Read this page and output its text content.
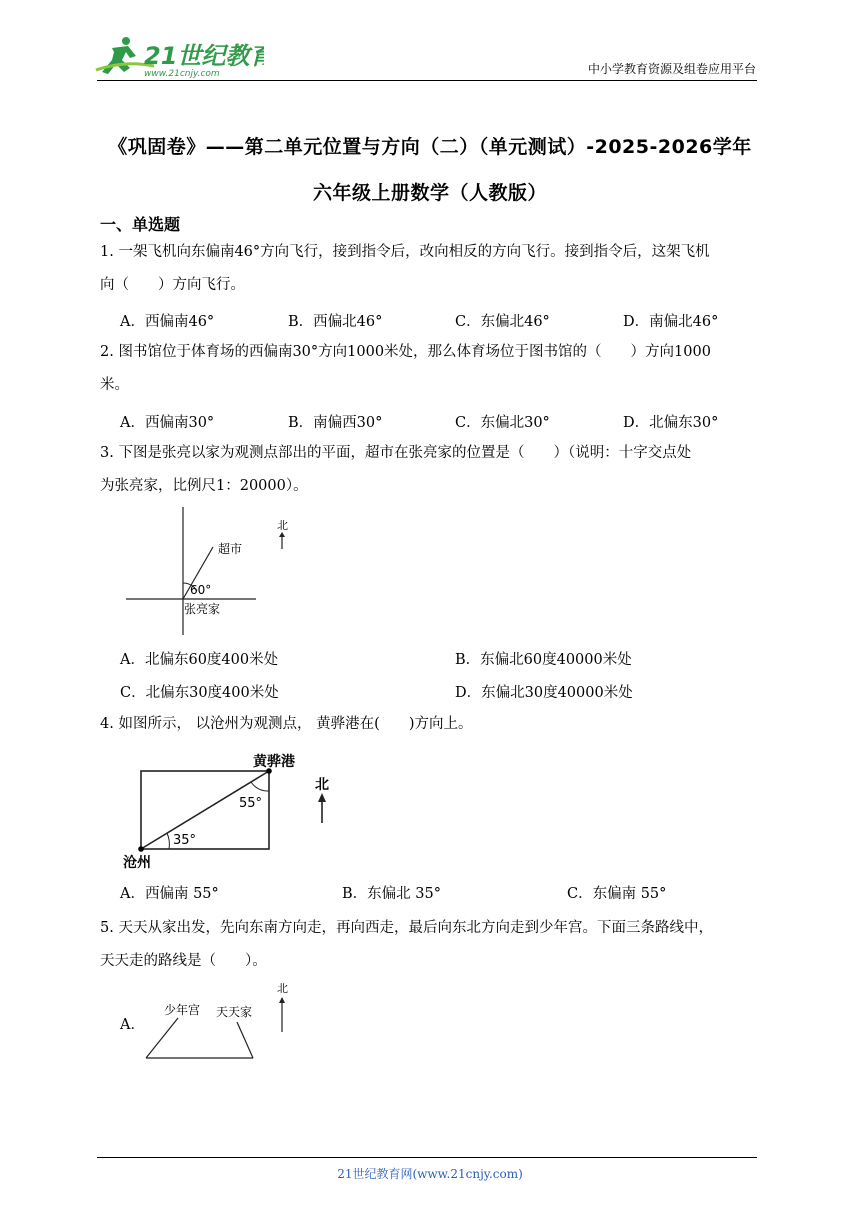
21世纪教育
www.21cnjy.com	中小学教育资源及组卷应用平台
《巩固卷》——第二单元位置与方向（二）（单元测试）-2025-2026学年
六年级上册数学（人教版）
一、单选题
1. 一架飞机向东偏南46°方向飞行，接到指令后，改向相反的方向飞行。接到指令后，这架飞机
向（　　）方向飞行。
A．西偏南46°	B．西偏北46°	C．东偏北46°	D．南偏北46°
2. 图书馆位于体育场的西偏南30°方向1000米处，那么体育场位于图书馆的（　　）方向1000
米。
A．西偏南30°	B．南偏西30°	C．东偏北30°	D．北偏东30°
3. 下图是张亮以家为观测点部出的平面，超市在张亮家的位置是（　　）（说明：十字交点处
为张亮家，比例尺1：20000）。
超市
60°
张亮家
北
A．北偏东60度400米处	B．东偏北60度40000米处
C．北偏东30度400米处	D．东偏北30度40000米处
4. 如图所示， 以沧州为观测点， 黄骅港在(　　)方向上。
黄骅港
沧州
55°
35°
北
A．西偏南 55°	B．东偏北 35°	C．东偏南 55°
5. 天天从家出发，先向东南方向走，再向西走，最后向东北方向走到少年宫。下面三条路线中，
天天走的路线是（　　）。
A．
少年宫 天天家
北
21世纪教育网(www.21cnjy.com)
